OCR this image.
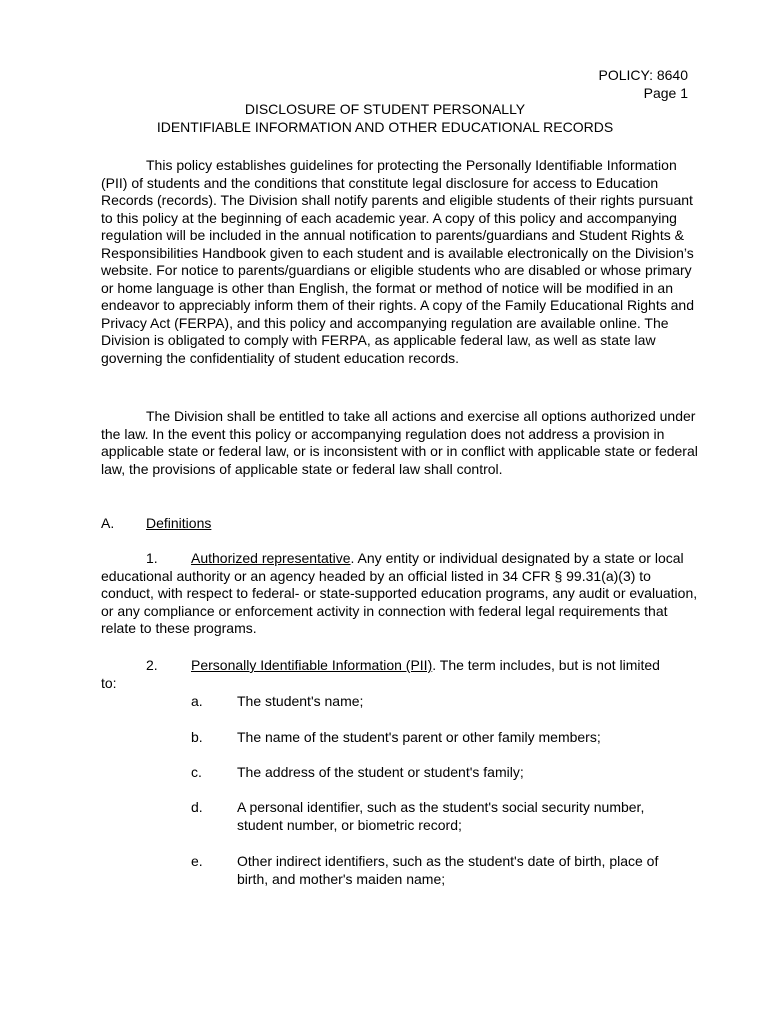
POLICY: 8640
Page 1
DISCLOSURE OF STUDENT PERSONALLY
IDENTIFIABLE INFORMATION AND OTHER EDUCATIONAL RECORDS

This policy establishes guidelines for protecting the Personally Identifiable Information (PII) of students and the conditions that constitute legal disclosure for access to Education Records (records). The Division shall notify parents and eligible students of their rights pursuant to this policy at the beginning of each academic year. A copy of this policy and accompanying regulation will be included in the annual notification to parents/guardians and Student Rights & Responsibilities Handbook given to each student and is available electronically on the Division’s website. For notice to parents/guardians or eligible students who are disabled or whose primary or home language is other than English, the format or method of notice will be modified in an endeavor to appreciably inform them of their rights. A copy of the Family Educational Rights and Privacy Act (FERPA), and this policy and accompanying regulation are available online. The Division is obligated to comply with FERPA, as applicable federal law, as well as state law governing the confidentiality of student education records.

The Division shall be entitled to take all actions and exercise all options authorized under the law. In the event this policy or accompanying regulation does not address a provision in applicable state or federal law, or is inconsistent with or in conflict with applicable state or federal law, the provisions of applicable state or federal law shall control.

A. Definitions

1. Authorized representative. Any entity or individual designated by a state or local educational authority or an agency headed by an official listed in 34 CFR § 99.31(a)(3) to conduct, with respect to federal- or state-supported education programs, any audit or evaluation, or any compliance or enforcement activity in connection with federal legal requirements that relate to these programs.

2. Personally Identifiable Information (PII). The term includes, but is not limited
to:
a. The student's name;
b. The name of the student's parent or other family members;
c.	The address of the student or student's family;
d. A personal identifier, such as the student's social security number, student number, or biometric record;
e. Other indirect identifiers, such as the student's date of birth, place of birth, and mother's maiden name;
